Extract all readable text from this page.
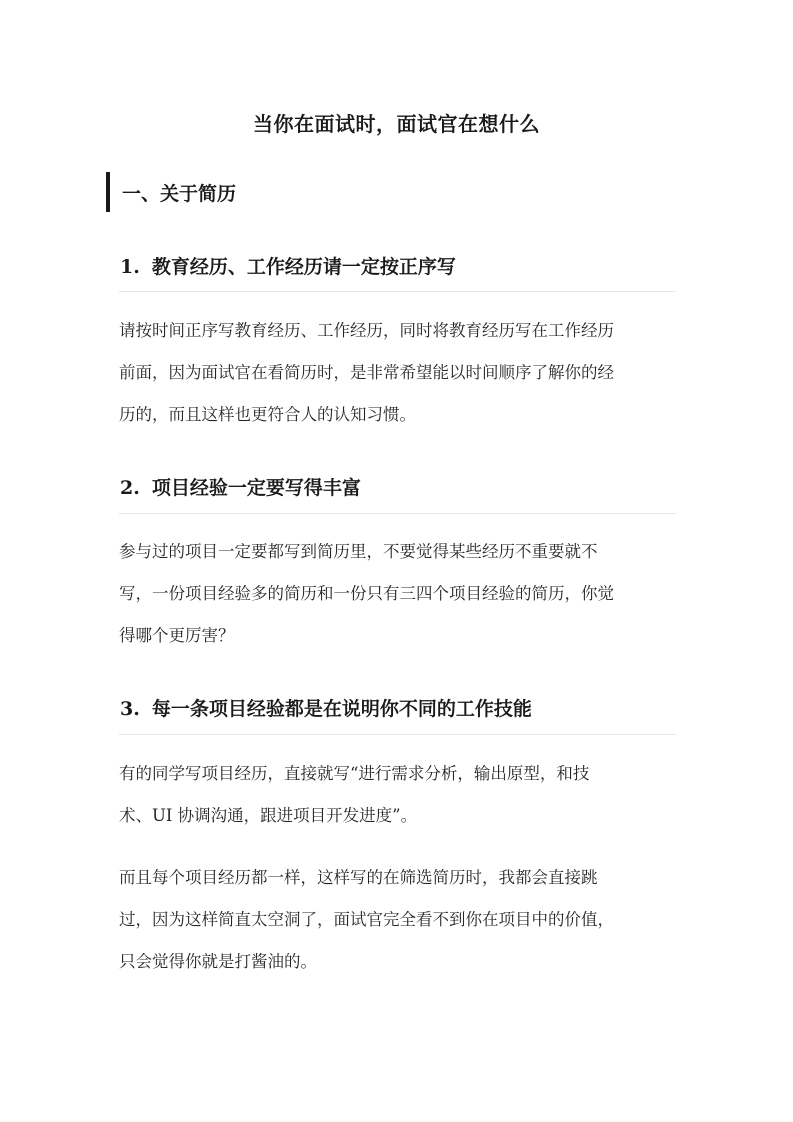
当你在面试时，面试官在想什么
一、关于简历
1. 教育经历、工作经历请一定按正序写
请按时间正序写教育经历、工作经历，同时将教育经历写在工作经历
前面，因为面试官在看简历时，是非常希望能以时间顺序了解你的经
历的，而且这样也更符合人的认知习惯。
2. 项目经验一定要写得丰富
参与过的项目一定要都写到简历里，不要觉得某些经历不重要就不
写，一份项目经验多的简历和一份只有三四个项目经验的简历，你觉
得哪个更厉害？
3. 每一条项目经验都是在说明你不同的工作技能
有的同学写项目经历，直接就写“进行需求分析，输出原型，和技
术、UI 协调沟通，跟进项目开发进度”。
而且每个项目经历都一样，这样写的在筛选简历时，我都会直接跳
过，因为这样简直太空洞了，面试官完全看不到你在项目中的价值，
只会觉得你就是打酱油的。
